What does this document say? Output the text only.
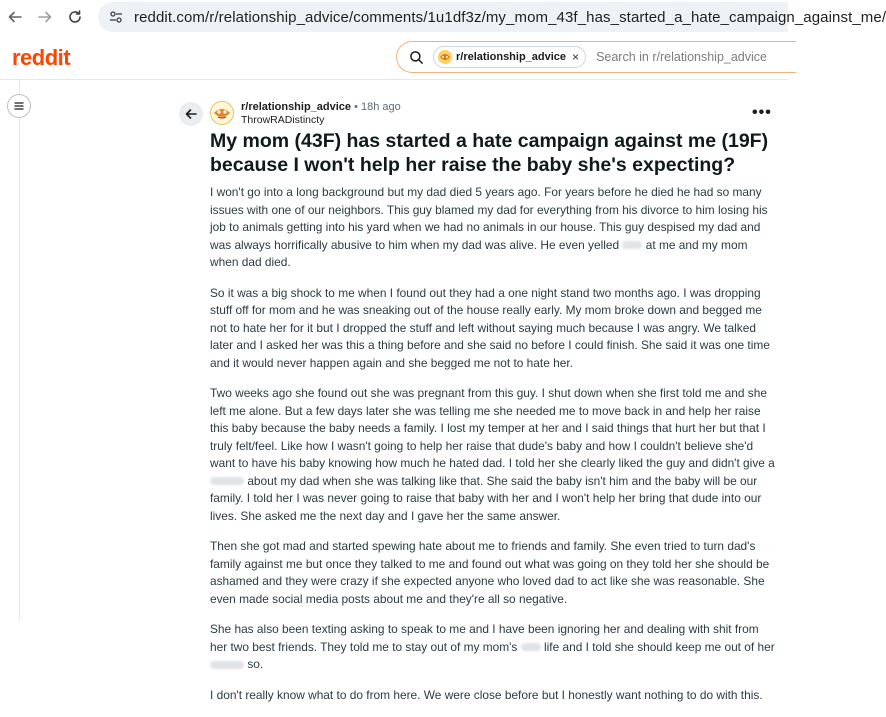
reddit.com/r/relationship_advice/comments/1u1df3z/my_mom_43f_has_started_a_hate_campaign_against_me/
reddit	r/relationship_advice × Search in r/relationship_advice
r/relationship_advice • 18h ago
ThrowRADistincty	•••
My mom (43F) has started a hate campaign against me (19F) because I won't help her raise the baby she's expecting?

I won't go into a long background but my dad died 5 years ago. For years before he died he had so many issues with one of our neighbors. This guy blamed my dad for everything from his divorce to him losing his job to animals getting into his yard when we had no animals in our house. This guy despised my dad and was always horrifically abusive to him when my dad was alive. He even yelled at me and my mom when dad died.

So it was a big shock to me when I found out they had a one night stand two months ago. I was dropping stuff off for mom and he was sneaking out of the house really early. My mom broke down and begged me not to hate her for it but I dropped the stuff and left without saying much because I was angry. We talked later and I asked her was this a thing before and she said no before I could finish. She said it was one time and it would never happen again and she begged me not to hate her.

Two weeks ago she found out she was pregnant from this guy. I shut down when she first told me and she left me alone. But a few days later she was telling me she needed me to move back in and help her raise this baby because the baby needs a family. I lost my temper at her and I said things that hurt her but that I truly felt/feel. Like how I wasn't going to help her raise that dude's baby and how I couldn't believe she'd want to have his baby knowing how much he hated dad. I told her she clearly liked the guy and didn't give a  about my dad when she was talking like that. She said the baby isn't him and the baby will be our family. I told her I was never going to raise that baby with her and I won't help her bring that dude into our lives. She asked me the next day and I gave her the same answer.

Then she got mad and started spewing hate about me to friends and family. She even tried to turn dad's family against me but once they talked to me and found out what was going on they told her she should be ashamed and they were crazy if she expected anyone who loved dad to act like she was reasonable. She even made social media posts about me and they're all so negative.

She has also been texting asking to speak to me and I have been ignoring her and dealing with shit from her two best friends. They told me to stay out of my mom's life and I told she should keep me out of her  so.

I don't really know what to do from here. We were close before but I honestly want nothing to do with this.
